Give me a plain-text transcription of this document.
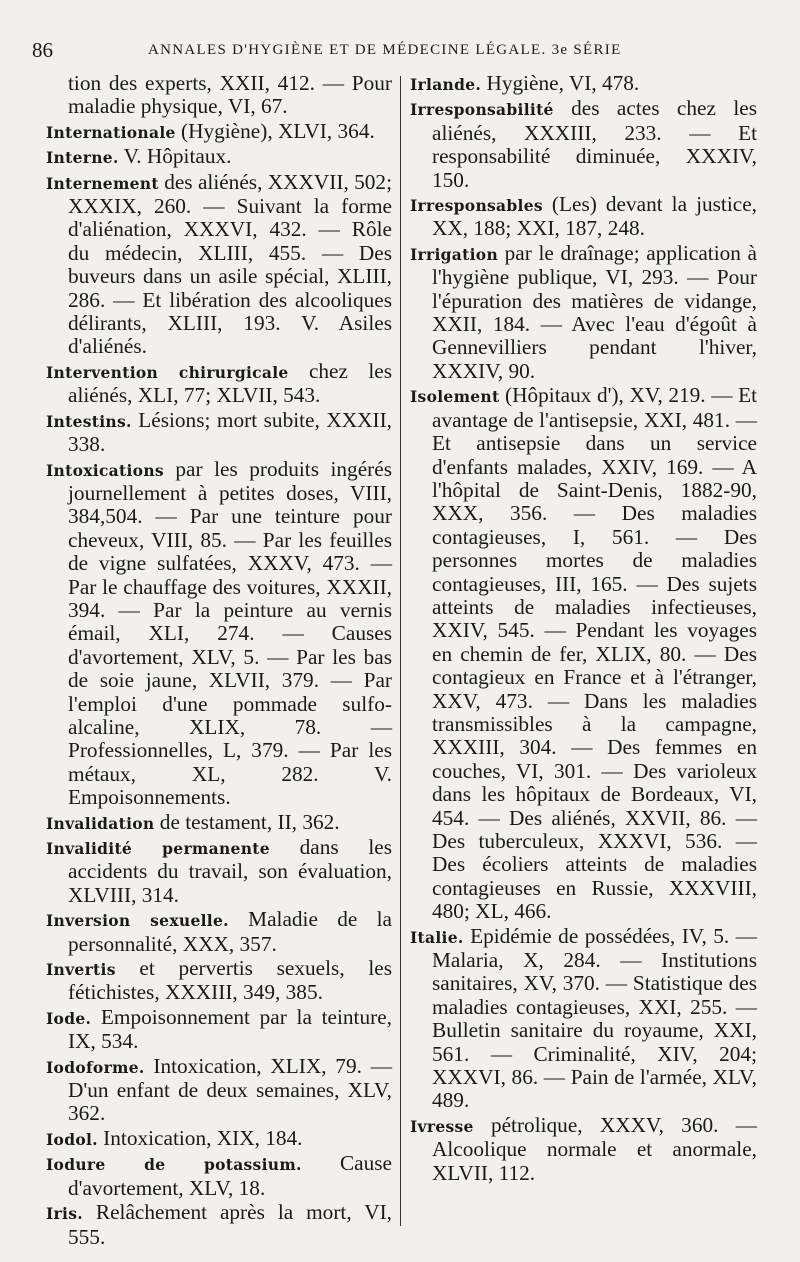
86	ANNALES D'HYGIÈNE ET DE MÉDECINE LÉGALE. 3e SÉRIE
tion des experts, XXII, 412. — Pour maladie physique, VI, 67.
Internationale (Hygiène), XLVI, 364.
Interne. V. Hôpitaux.
Internement des aliénés, XXXVII, 502; XXXIX, 260. — Suivant la forme d'aliénation, XXXVI, 432. — Rôle du médecin, XLIII, 455. — Des buveurs dans un asile spécial, XLIII, 286. — Et libération des alcooliques délirants, XLIII, 193. V. Asiles d'aliénés.
Intervention chirurgicale chez les aliénés, XLI, 77; XLVII, 543.
Intestins. Lésions; mort subite, XXXII, 338.
Intoxications par les produits ingérés journellement à petites doses, VIII, 384,504. — Par une teinture pour cheveux, VIII, 85. — Par les feuilles de vigne sulfatées, XXXV, 473. — Par le chauffage des voitures, XXXII, 394. — Par la peinture au vernis émail, XLI, 274. — Causes d'avortement, XLV, 5. — Par les bas de soie jaune, XLVII, 379. — Par l'emploi d'une pommade sulfo-alcaline, XLIX, 78. — Professionnelles, L, 379. — Par les métaux, XL, 282. V. Empoisonnements.
Invalidation de testament, II, 362.
Invalidité permanente dans les accidents du travail, son évaluation, XLVIII, 314.
Inversion sexuelle. Maladie de la personnalité, XXX, 357.
Invertis et pervertis sexuels, les fétichistes, XXXIII, 349, 385.
Iode. Empoisonnement par la teinture, IX, 534.
Iodoforme. Intoxication, XLIX, 79. — D'un enfant de deux semaines, XLV, 362.
Iodol. Intoxication, XIX, 184.
Iodure de potassium. Cause d'avortement, XLV, 18.
Iris. Relâchement après la mort, VI, 555.
Irlande. Hygiène, VI, 478.
Irresponsabilité des actes chez les aliénés, XXXIII, 233. — Et responsabilité diminuée, XXXIV, 150.
Irresponsables (Les) devant la justice, XX, 188; XXI, 187, 248.
Irrigation par le draînage; application à l'hygiène publique, VI, 293. — Pour l'épuration des matières de vidange, XXII, 184. — Avec l'eau d'égoût à Gennevilliers pendant l'hiver, XXXIV, 90.
Isolement (Hôpitaux d'), XV, 219. — Et avantage de l'antisepsie, XXI, 481. — Et antisepsie dans un service d'enfants malades, XXIV, 169. — A l'hôpital de Saint-Denis, 1882-90, XXX, 356. — Des maladies contagieuses, I, 561. — Des personnes mortes de maladies contagieuses, III, 165. — Des sujets atteints de maladies infectieuses, XXIV, 545. — Pendant les voyages en chemin de fer, XLIX, 80. — Des contagieux en France et à l'étranger, XXV, 473. — Dans les maladies transmissibles à la campagne, XXXIII, 304. — Des femmes en couches, VI, 301. — Des varioleux dans les hôpitaux de Bordeaux, VI, 454. — Des aliénés, XXVII, 86. — Des tuberculeux, XXXVI, 536. — Des écoliers atteints de maladies contagieuses en Russie, XXXVIII, 480; XL, 466.
Italie. Epidémie de possédées, IV, 5. — Malaria, X, 284. — Institutions sanitaires, XV, 370. — Statistique des maladies contagieuses, XXI, 255. — Bulletin sanitaire du royaume, XXI, 561. — Criminalité, XIV, 204; XXXVI, 86. — Pain de l'armée, XLV, 489.
Ivresse pétrolique, XXXV, 360. — Alcoolique normale et anormale, XLVII, 112.
